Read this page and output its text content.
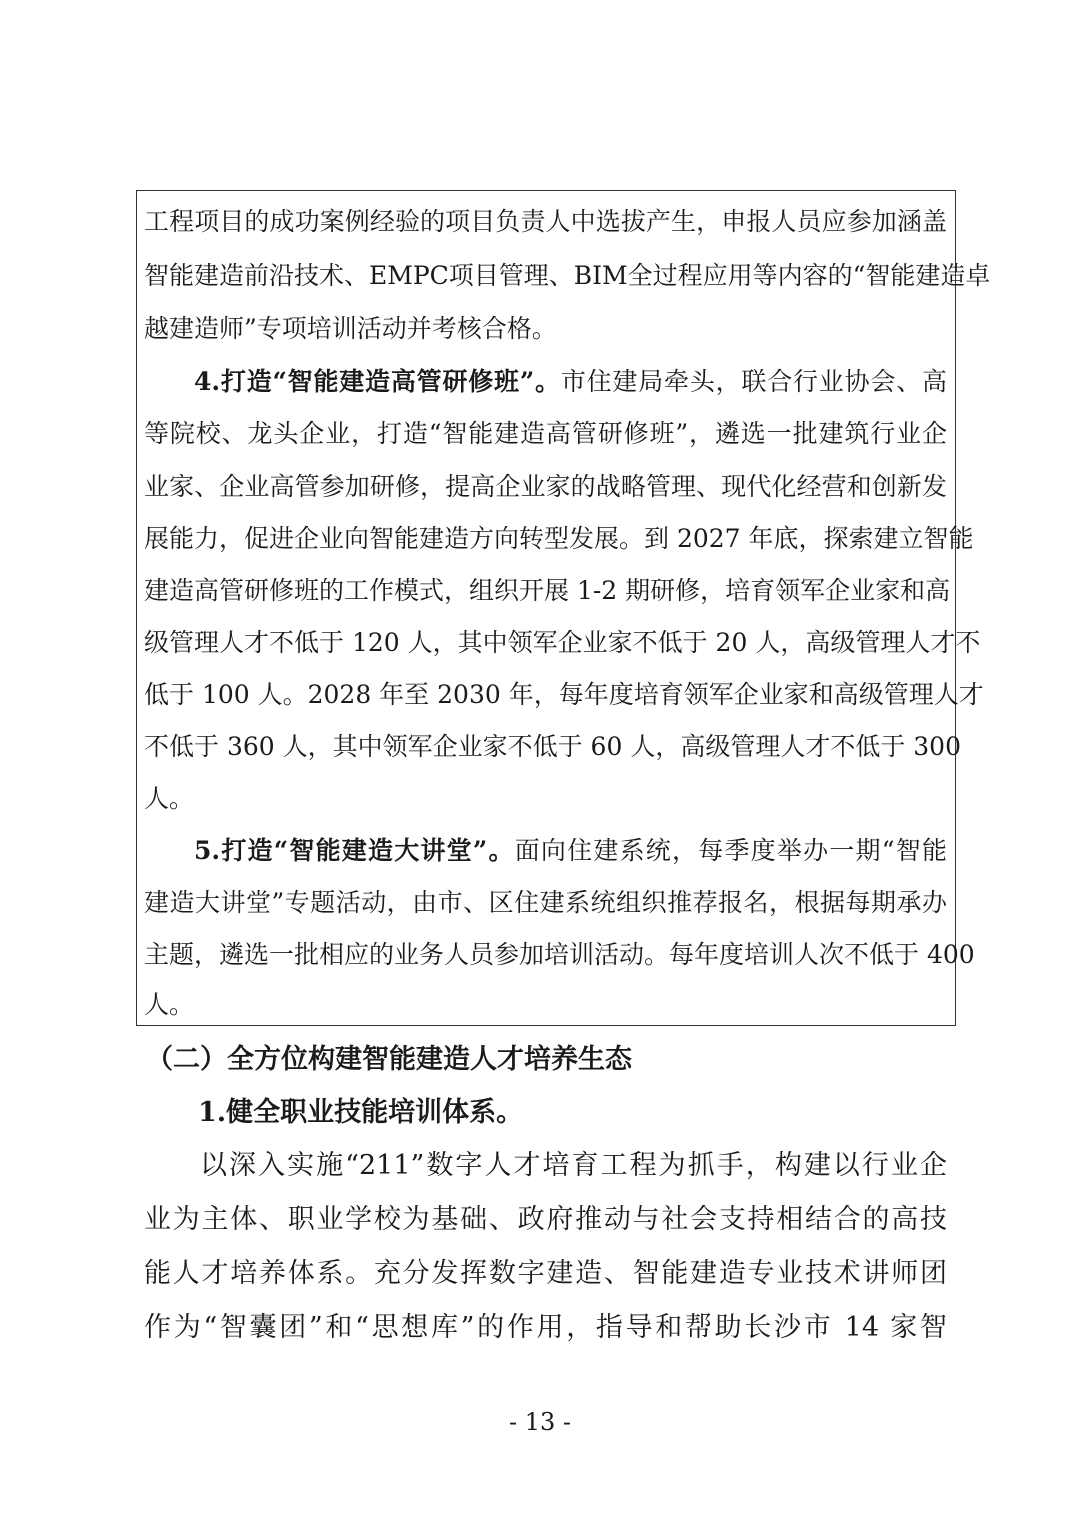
工程项目的成功案例经验的项目负责人中选拔产生，申报人员应参加涵盖

智能建造前沿技术、EMPC项目管理、BIM全过程应用等内容的“智能建造卓

越建造师”专项培训活动并考核合格。

4.打造“智能建造高管研修班”。市住建局牵头，联合行业协会、高

等院校、龙头企业，打造“智能建造高管研修班”，遴选一批建筑行业企

业家、企业高管参加研修，提高企业家的战略管理、现代化经营和创新发

展能力，促进企业向智能建造方向转型发展。到 2027 年底，探索建立智能

建造高管研修班的工作模式，组织开展 1-2 期研修，培育领军企业家和高

级管理人才不低于 120 人，其中领军企业家不低于 20 人，高级管理人才不

低于 100 人。2028 年至 2030 年，每年度培育领军企业家和高级管理人才

不低于 360 人，其中领军企业家不低于 60 人，高级管理人才不低于 300

人。

5.打造“智能建造大讲堂”。面向住建系统，每季度举办一期“智能

建造大讲堂”专题活动，由市、区住建系统组织推荐报名，根据每期承办

主题，遴选一批相应的业务人员参加培训活动。每年度培训人次不低于 400

人。

（二）全方位构建智能建造人才培养生态

1.健全职业技能培训体系。

以深入实施“211”数字人才培育工程为抓手，构建以行业企

业为主体、职业学校为基础、政府推动与社会支持相结合的高技

能人才培养体系。充分发挥数字建造、智能建造专业技术讲师团

作为“智囊团”和“思想库”的作用，指导和帮助长沙市 14 家智

- 13 -
